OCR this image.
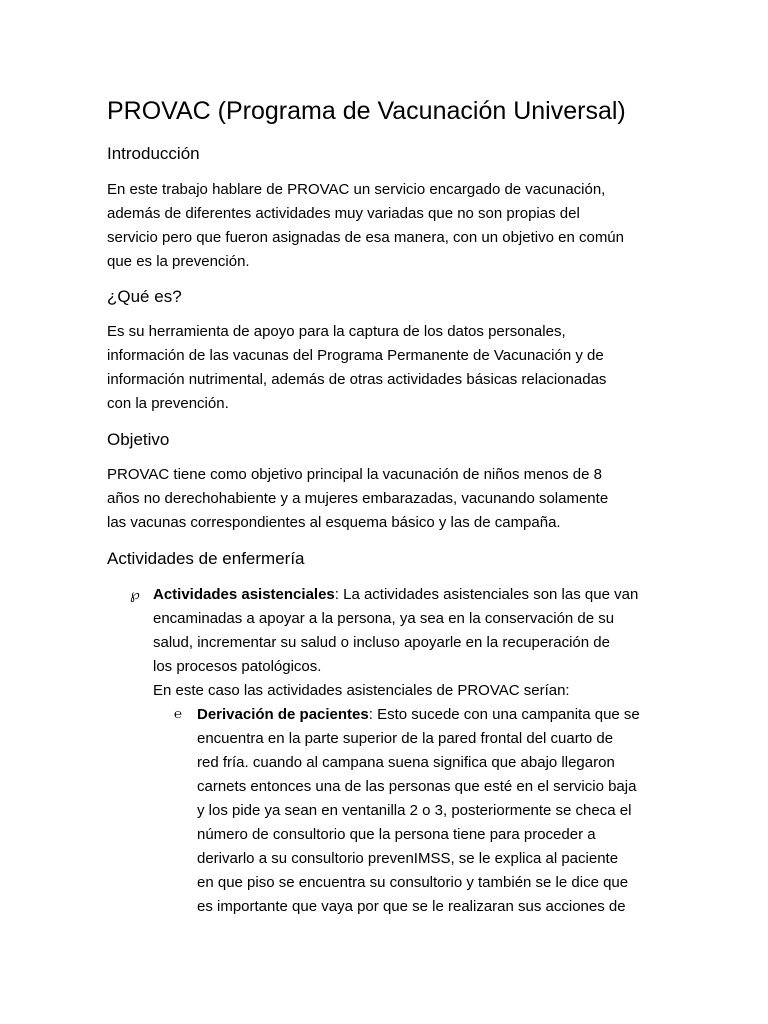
PROVAC (Programa de Vacunación Universal)
Introducción
En este trabajo hablare de PROVAC un servicio encargado de vacunación,
además de diferentes actividades muy variadas que no son propias del
servicio pero que fueron asignadas de esa manera, con un objetivo en común
que es la prevención.
¿Qué es?
Es su herramienta de apoyo para la captura de los datos personales,
información de las vacunas del Programa Permanente de Vacunación y de
información nutrimental, además de otras actividades básicas relacionadas
con la prevención.
Objetivo
PROVAC tiene como objetivo principal la vacunación de niños menos de 8
años no derechohabiente y a mujeres embarazadas, vacunando solamente
las vacunas correspondientes al esquema básico y las de campaña.
Actividades de enfermería
℘ Actividades asistenciales: La actividades asistenciales son las que van
encaminadas a apoyar a la persona, ya sea en la conservación de su
salud, incrementar su salud o incluso apoyarle en la recuperación de
los procesos patológicos.
En este caso las actividades asistenciales de PROVAC serían:
℮ Derivación de pacientes: Esto sucede con una campanita que se
encuentra en la parte superior de la pared frontal del cuarto de
red fría. cuando al campana suena significa que abajo llegaron
carnets entonces una de las personas que esté en el servicio baja
y los pide ya sean en ventanilla 2 o 3, posteriormente se checa el
número de consultorio que la persona tiene para proceder a
derivarlo a su consultorio prevenIMSS, se le explica al paciente
en que piso se encuentra su consultorio y también se le dice que
es importante que vaya por que se le realizaran sus acciones de
